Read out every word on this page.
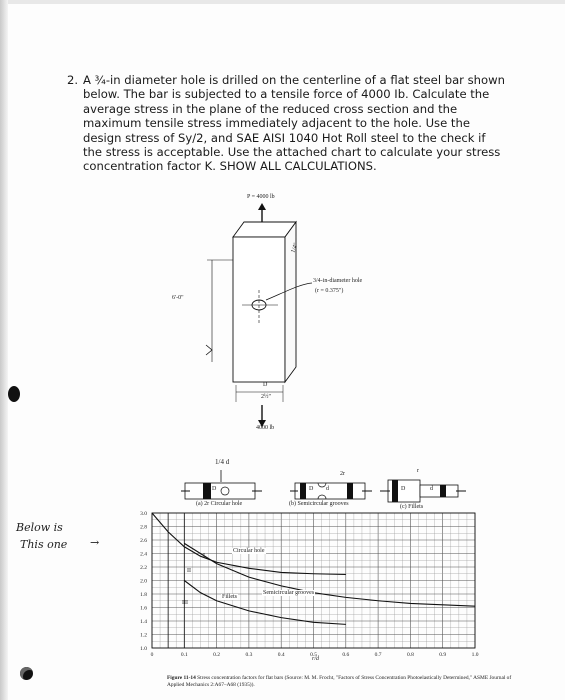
2. A ¾-in diameter hole is drilled on the centerline of a flat steel bar shown below. The bar is subjected to a tensile force of 4000 Ib. Calculate the average stress in the plane of the reduced cross section and the maximum tensile stress immediately adjacent to the hole. Use the design stress of Sy/2, and SAE AISI 1040 Hot Roll steel to the check if the stress is acceptable. Use the attached chart to calculate your stress concentration factor K. SHOW ALL CALCULATIONS.
P = 4000 lb
6'-0"
3/4-in-diameter hole
(r = 0.375")
1/4"
D
2½"
4000 lb
1/4 d
(a) 2r Circular hole	(b) Semicircular grooves	(c) Fillets
2r	r
D	D	D
d	d
1.0
1.2
1.4
1.6
1.8
2.0
2.2
2.4
2.6
2.8
3.0
0	0.1	0.2	0.3	0.4	0.5	0.6	0.7	0.8	0.9	1.0
Circular hole
Semicircular grooves
Fillets
I
II
III
r/d
Figure 11-14 Stress concentration factors for flat bars (Source: M. M. Frocht, "Factors of Stress Concentration Photoelastically Determined," ASME Journal of Applied Mechanics 2:A67–A68 (1935)).
Below is
This one →
